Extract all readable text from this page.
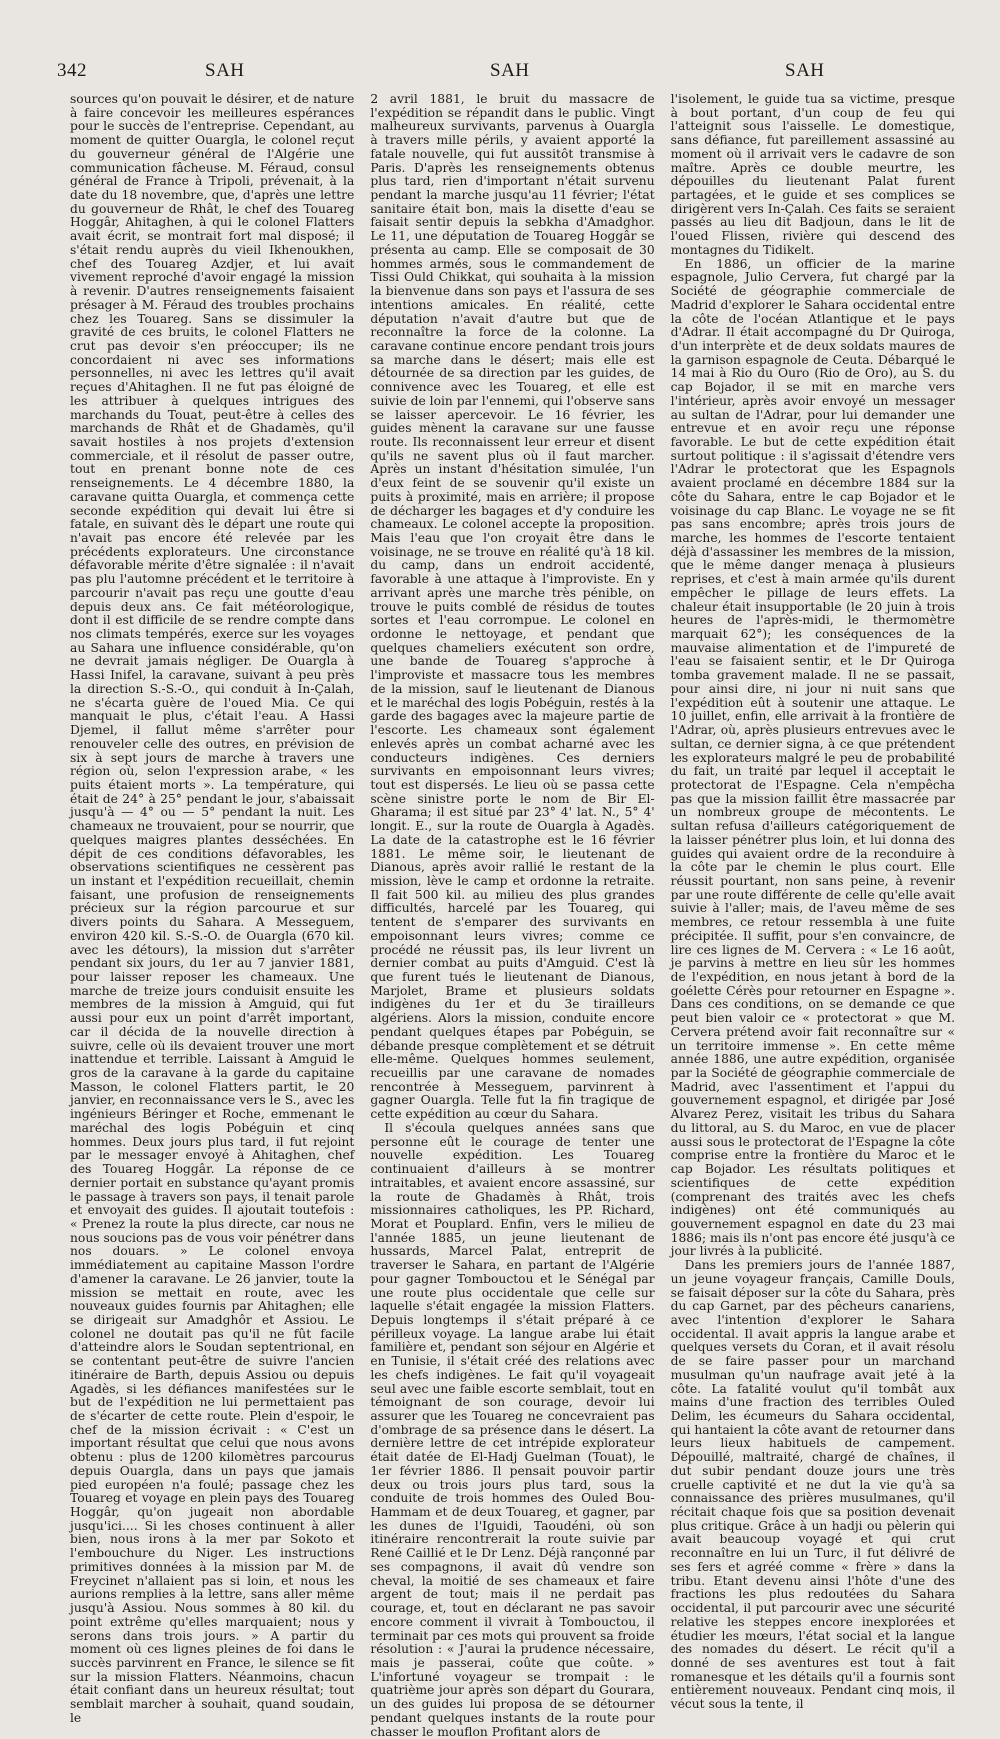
342	SAH	SAH	SAH

sources qu'on pouvait le désirer, et de nature à faire concevoir les meilleures espérances pour le succès de l'entreprise. Cependant, au moment de quitter Ouargla, le colonel reçut du gouverneur général de l'Algérie une communication fâcheuse. M. Féraud, consul général de France à Tripoli, prévenait, à la date du 18 novembre, que, d'après une lettre du gouverneur de Rhât, le chef des Touareg Hoggâr, Ahitaghen, à qui le colonel Flatters avait écrit, se montrait fort mal disposé; il s'était rendu auprès du vieil Ikhenoukhen, chef des Touareg Azdjer, et lui avait vivement reproché d'avoir engagé la mission à revenir. D'autres renseignements faisaient présager à M. Féraud des troubles prochains chez les Touareg. Sans se dissimuler la gravité de ces bruits, le colonel Flatters ne crut pas devoir s'en préoccuper; ils ne concordaient ni avec ses informations personnelles, ni avec les lettres qu'il avait reçues d'Ahitaghen. Il ne fut pas éloigné de les attribuer à quelques intrigues des marchands du Touat, peut-être à celles des marchands de Rhât et de Ghadamès, qu'il savait hostiles à nos projets d'extension commerciale, et il résolut de passer outre, tout en prenant bonne note de ces renseignements. Le 4 décembre 1880, la caravane quitta Ouargla, et commença cette seconde expédition qui devait lui être si fatale, en suivant dès le départ une route qui n'avait pas encore été relevée par les précédents explorateurs. Une circonstance défavorable mérite d'être signalée : il n'avait pas plu l'automne précédent et le territoire à parcourir n'avait pas reçu une goutte d'eau depuis deux ans. Ce fait météorologique, dont il est difficile de se rendre compte dans nos climats tempérés, exerce sur les voyages au Sahara une influence considérable, qu'on ne devrait jamais négliger. De Ouargla à Hassi Inifel, la caravane, suivant à peu près la direction S.-S.-O., qui conduit à In-Çalah, ne s'écarta guère de l'oued Mia. Ce qui manquait le plus, c'était l'eau. A Hassi Djemel, il fallut même s'arrêter pour renouveler celle des outres, en prévision de six à sept jours de marche à travers une région où, selon l'expression arabe, « les puits étaient morts ». La température, qui était de 24° à 25° pendant le jour, s'abaissait jusqu'à — 4° ou — 5° pendant la nuit. Les chameaux ne trouvaient, pour se nourrir, que quelques maigres plantes desséchées. En dépit de ces conditions défavorables, les observations scientifiques ne cessèrent pas un instant et l'expédition recueillait, chemin faisant, une profusion de renseignements précieux sur la région parcourue et sur divers points du Sahara. A Messeguem, environ 420 kil. S.-S.-O. de Ouargla (670 kil. avec les détours), la mission dut s'arrêter pendant six jours, du 1er au 7 janvier 1881, pour laisser reposer les chameaux. Une marche de treize jours conduisit ensuite les membres de la mission à Amguid, qui fut aussi pour eux un point d'arrêt important, car il décida de la nouvelle direction à suivre, celle où ils devaient trouver une mort inattendue et terrible. Laissant à Amguid le gros de la caravane à la garde du capitaine Masson, le colonel Flatters partit, le 20 janvier, en reconnaissance vers le S., avec les ingénieurs Béringer et Roche, emmenant le maréchal des logis Pobéguin et cinq hommes. Deux jours plus tard, il fut rejoint par le messager envoyé à Ahitaghen, chef des Touareg Hoggâr. La réponse de ce dernier portait en substance qu'ayant promis le passage à travers son pays, il tenait parole et envoyait des guides. Il ajoutait toutefois : « Prenez la route la plus directe, car nous ne nous soucions pas de vous voir pénétrer dans nos douars. » Le colonel envoya immédiatement au capitaine Masson l'ordre d'amener la caravane. Le 26 janvier, toute la mission se mettait en route, avec les nouveaux guides fournis par Ahitaghen; elle se dirigeait sur Amadghôr et Assiou. Le colonel ne doutait pas qu'il ne fût facile d'atteindre alors le Soudan septentrional, en se contentant peut-être de suivre l'ancien itinéraire de Barth, depuis Assiou ou depuis Agadès, si les défiances manifestées sur le but de l'expédition ne lui permettaient pas de s'écarter de cette route. Plein d'espoir, le chef de la mission écrivait : « C'est un important résultat que celui que nous avons obtenu : plus de 1200 kilomètres parcourus depuis Ouargla, dans un pays que jamais pied européen n'a foulé; passage chez les Touareg et voyage en plein pays des Touareg Hoggâr, qu'on jugeait non abordable jusqu'ici.... Si les choses continuent à aller bien, nous irons à la mer par Sokoto et l'embouchure du Niger. Les instructions primitives données à la mission par M. de Freycinet n'allaient pas si loin, et nous les aurions remplies à la lettre, sans aller même jusqu'à Assiou. Nous sommes à 80 kil. du point extrême qu'elles marquaient; nous y serons dans trois jours. » A partir du moment où ces lignes pleines de foi dans le succès parvinrent en France, le silence se fit sur la mission Flatters. Néanmoins, chacun était confiant dans un heureux résultat; tout semblait marcher à souhait, quand soudain, le

2 avril 1881, le bruit du massacre de l'expédition se répandit dans le public. Vingt malheureux survivants, parvenus à Ouargla à travers mille périls, y avaient apporté la fatale nouvelle, qui fut aussitôt transmise à Paris. D'après les renseignements obtenus plus tard, rien d'important n'était survenu pendant la marche jusqu'au 11 février; l'état sanitaire était bon, mais la disette d'eau se faisait sentir depuis la sebkha d'Amadghor. Le 11, une députation de Touareg Hoggâr se présenta au camp. Elle se composait de 30 hommes armés, sous le commandement de Tissi Ould Chikkat, qui souhaita à la mission la bienvenue dans son pays et l'assura de ses intentions amicales. En réalité, cette députation n'avait d'autre but que de reconnaître la force de la colonne. La caravane continue encore pendant trois jours sa marche dans le désert; mais elle est détournée de sa direction par les guides, de connivence avec les Touareg, et elle est suivie de loin par l'ennemi, qui l'observe sans se laisser apercevoir. Le 16 février, les guides mènent la caravane sur une fausse route. Ils reconnaissent leur erreur et disent qu'ils ne savent plus où il faut marcher. Après un instant d'hésitation simulée, l'un d'eux feint de se souvenir qu'il existe un puits à proximité, mais en arrière; il propose de décharger les bagages et d'y conduire les chameaux. Le colonel accepte la proposition. Mais l'eau que l'on croyait être dans le voisinage, ne se trouve en réalité qu'à 18 kil. du camp, dans un endroit accidenté, favorable à une attaque à l'improviste. En y arrivant après une marche très pénible, on trouve le puits comblé de résidus de toutes sortes et l'eau corrompue. Le colonel en ordonne le nettoyage, et pendant que quelques chameliers exécutent son ordre, une bande de Touareg s'approche à l'improviste et massacre tous les membres de la mission, sauf le lieutenant de Dianous et le maréchal des logis Pobéguin, restés à la garde des bagages avec la majeure partie de l'escorte. Les chameaux sont également enlevés après un combat acharné avec les conducteurs indigènes. Ces derniers survivants en empoisonnant leurs vivres; tout est dispersés. Le lieu où se passa cette scène sinistre porte le nom de Bir El-Gharama; il est situé par 23° 4' lat. N., 5° 4' longit. E., sur la route de Ouargla à Agadès. La date de la catastrophe est le 16 février 1881. Le même soir, le lieutenant de Dianous, après avoir rallié le restant de la mission, lève le camp et ordonne la retraite. Il fait 500 kil. au milieu des plus grandes difficultés, harcelé par les Touareg, qui tentent de s'emparer des survivants en empoisonnant leurs vivres; comme ce procédé ne réussit pas, ils leur livrent un dernier combat au puits d'Amguid. C'est là que furent tués le lieutenant de Dianous, Marjolet, Brame et plusieurs soldats indigènes du 1er et du 3e tirailleurs algériens. Alors la mission, conduite encore pendant quelques étapes par Pobéguin, se débande presque complètement et se détruit elle-même. Quelques hommes seulement, recueillis par une caravane de nomades rencontrée à Messeguem, parvinrent à gagner Ouargla. Telle fut la fin tragique de cette expédition au cœur du Sahara.

Il s'écoula quelques années sans que personne eût le courage de tenter une nouvelle expédition. Les Touareg continuaient d'ailleurs à se montrer intraitables, et avaient encore assassiné, sur la route de Ghadamès à Rhât, trois missionnaires catholiques, les PP. Richard, Morat et Pouplard. Enfin, vers le milieu de l'année 1885, un jeune lieutenant de hussards, Marcel Palat, entreprit de traverser le Sahara, en partant de l'Algérie pour gagner Tombouctou et le Sénégal par une route plus occidentale que celle sur laquelle s'était engagée la mission Flatters. Depuis longtemps il s'était préparé à ce périlleux voyage. La langue arabe lui était familière et, pendant son séjour en Algérie et en Tunisie, il s'était créé des relations avec les chefs indigènes. Le fait qu'il voyageait seul avec une faible escorte semblait, tout en témoignant de son courage, devoir lui assurer que les Touareg ne concevraient pas d'ombrage de sa présence dans le désert. La dernière lettre de cet intrépide explorateur était datée de El-Hadj Guelman (Touat), le 1er février 1886. Il pensait pouvoir partir deux ou trois jours plus tard, sous la conduite de trois hommes des Ouled Bou-Hammam et de deux Touareg, et gagner, par les dunes de l'Iguidi, Taoudéni, où son itinéraire rencontrerait la route suivie par René Caillié et le Dr Lenz. Déjà rançonné par ses compagnons, il avait dû vendre son cheval, la moitié de ses chameaux et faire argent de tout; mais il ne perdait pas courage, et, tout en déclarant ne pas savoir encore comment il vivrait à Tombouctou, il terminait par ces mots qui prouvent sa froide résolution : « J'aurai la prudence nécessaire, mais je passerai, coûte que coûte. » L'infortuné voyageur se trompait : le quatrième jour après son départ du Gourara, un des guides lui proposa de se détourner pendant quelques instants de la route pour chasser le mouflon Profitant alors de

l'isolement, le guide tua sa victime, presque à bout portant, d'un coup de feu qui l'atteignit sous l'aisselle. Le domestique, sans défiance, fut pareillement assassiné au moment où il arrivait vers le cadavre de son maître. Après ce double meurtre, les dépouilles du lieutenant Palat furent partagées, et le guide et ses complices se dirigèrent vers In-Çalah. Ces faits se seraient passés au lieu dit Badjoun, dans le lit de l'oued Flissen, rivière qui descend des montagnes du Tidikelt.

En 1886, un officier de la marine espagnole, Julio Cervera, fut chargé par la Société de géographie commerciale de Madrid d'explorer le Sahara occidental entre la côte de l'océan Atlantique et le pays d'Adrar. Il était accompagné du Dr Quiroga, d'un interprète et de deux soldats maures de la garnison espagnole de Ceuta. Débarqué le 14 mai à Rio du Ouro (Rio de Oro), au S. du cap Bojador, il se mit en marche vers l'intérieur, après avoir envoyé un messager au sultan de l'Adrar, pour lui demander une entrevue et en avoir reçu une réponse favorable. Le but de cette expédition était surtout politique : il s'agissait d'étendre vers l'Adrar le protectorat que les Espagnols avaient proclamé en décembre 1884 sur la côte du Sahara, entre le cap Bojador et le voisinage du cap Blanc. Le voyage ne se fit pas sans encombre; après trois jours de marche, les hommes de l'escorte tentaient déjà d'assassiner les membres de la mission, que le même danger menaça à plusieurs reprises, et c'est à main armée qu'ils durent empêcher le pillage de leurs effets. La chaleur était insupportable (le 20 juin à trois heures de l'après-midi, le thermomètre marquait 62°); les conséquences de la mauvaise alimentation et de l'impureté de l'eau se faisaient sentir, et le Dr Quiroga tomba gravement malade. Il ne se passait, pour ainsi dire, ni jour ni nuit sans que l'expédition eût à soutenir une attaque. Le 10 juillet, enfin, elle arrivait à la frontière de l'Adrar, où, après plusieurs entrevues avec le sultan, ce dernier signa, à ce que prétendent les explorateurs malgré le peu de probabilité du fait, un traité par lequel il acceptait le protectorat de l'Espagne. Cela n'empêcha pas que la mission faillit être massacrée par un nombreux groupe de mécontents. Le sultan refusa d'ailleurs catégoriquement de la laisser pénétrer plus loin, et lui donna des guides qui avaient ordre de la reconduire à la côte par le chemin le plus court. Elle réussit pourtant, non sans peine, à revenir par une route différente de celle qu'elle avait suivie à l'aller; mais, de l'aveu même de ses membres, ce retour ressembla à une fuite précipitée. Il suffit, pour s'en convaincre, de lire ces lignes de M. Cervera : « Le 16 août, je parvins à mettre en lieu sûr les hommes de l'expédition, en nous jetant à bord de la goélette Cérès pour retourner en Espagne ». Dans ces conditions, on se demande ce que peut bien valoir ce « protectorat » que M. Cervera prétend avoir fait reconnaître sur « un territoire immense ». En cette même année 1886, une autre expédition, organisée par la Société de géographie commerciale de Madrid, avec l'assentiment et l'appui du gouvernement espagnol, et dirigée par José Alvarez Perez, visitait les tribus du Sahara du littoral, au S. du Maroc, en vue de placer aussi sous le protectorat de l'Espagne la côte comprise entre la frontière du Maroc et le cap Bojador. Les résultats politiques et scientifiques de cette expédition (comprenant des traités avec les chefs indigènes) ont été communiqués au gouvernement espagnol en date du 23 mai 1886; mais ils n'ont pas encore été jusqu'à ce jour livrés à la publicité.

Dans les premiers jours de l'année 1887, un jeune voyageur français, Camille Douls, se faisait déposer sur la côte du Sahara, près du cap Garnet, par des pêcheurs canariens, avec l'intention d'explorer le Sahara occidental. Il avait appris la langue arabe et quelques versets du Coran, et il avait résolu de se faire passer pour un marchand musulman qu'un naufrage avait jeté à la côte. La fatalité voulut qu'il tombât aux mains d'une fraction des terribles Ouled Delim, les écumeurs du Sahara occidental, qui hantaient la côte avant de retourner dans leurs lieux habituels de campement. Dépouillé, maltraité, chargé de chaînes, il dut subir pendant douze jours une très cruelle captivité et ne dut la vie qu'à sa connaissance des prières musulmanes, qu'il récitait chaque fois que sa position devenait plus critique. Grâce à un hadji ou pèlerin qui avait beaucoup voyagé et qui crut reconnaître en lui un Turc, il fut délivré de ses fers et agréé comme « frère » dans la tribu. Etant devenu ainsi l'hôte d'une des fractions les plus redoutées du Sahara occidental, il put parcourir avec une sécurité relative les steppes encore inexplorées et étudier les mœurs, l'état social et la langue des nomades du désert. Le récit qu'il a donné de ses aventures est tout à fait romanesque et les détails qu'il a fournis sont entièrement nouveaux. Pendant cinq mois, il vécut sous la tente, il
